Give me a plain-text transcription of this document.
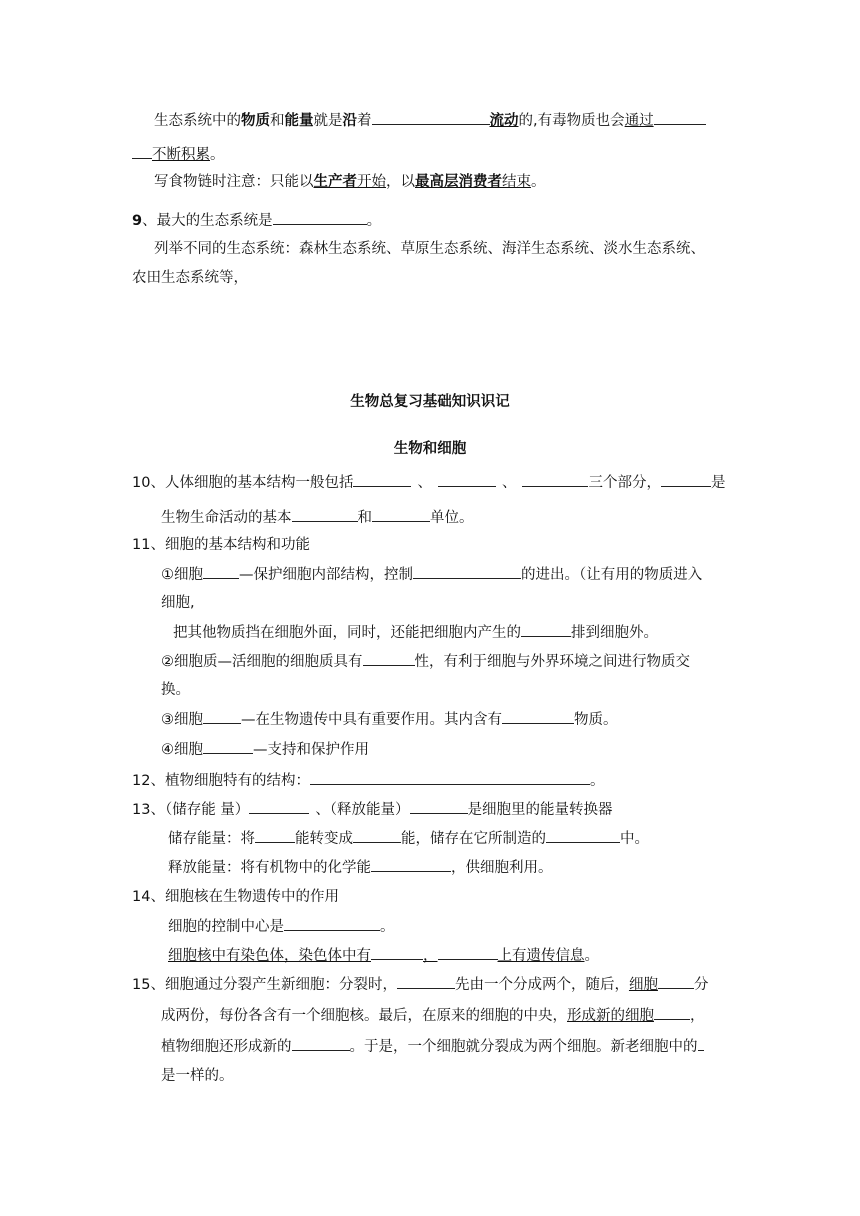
生态系统中的物质和能量就是沿着	流动的,有毒物质也会通过
不断积累。
写食物链时注意：只能以生产者开始，以最高层消费者结束。
9、最大的生态系统是	。
列举不同的生态系统：森林生态系统、草原生态系统、海洋生态系统、淡水生态系统、
农田生态系统等，
生物总复习基础知识识记
生物和细胞
10、人体细胞的基本结构一般包括	、	、	三个部分，	是
生物生命活动的基本	和	单位。
11、细胞的基本结构和功能
①细胞 —保护细胞内部结构，控制	的进出。（让有用的物质进入
细胞,
把其他物质挡在细胞外面，同时，还能把细胞内产生的	排到细胞外。
②细胞质—活细胞的细胞质具有	性，有利于细胞与外界环境之间进行物质交
换。
③细胞	—在生物遗传中具有重要作用。其内含有	物质。
④细胞	—支持和保护作用
12、植物细胞特有的结构：	。
13、（储存能 量）	、（释放能量）	是细胞里的能量转换器
储存能量：将	能转变成	能，储存在它所制造的	中。
释放能量：将有机物中的化学能	，供细胞利用。
14、细胞核在生物遗传中的作用
细胞的控制中心是	。
细胞核中有染色体，染色体中有	，	上有遗传信息。
15、细胞通过分裂产生新细胞：分裂时，	先由一个分成两个，随后，细胞 分
成两份，每份各含有一个细胞核。最后，在原来的细胞的中央，形成新的细胞 ，
植物细胞还形成新的	。于是，一个细胞就分裂成为两个细胞。新老细胞中的
是一样的。
